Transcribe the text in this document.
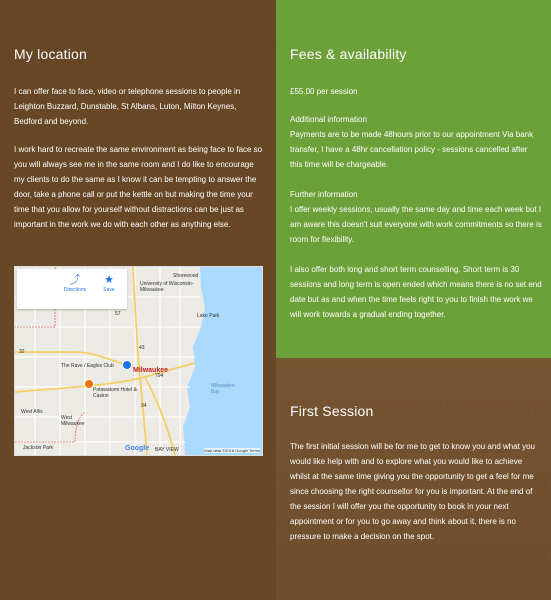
My location

I can offer face to face, video or telephone sessions to people in Leighton Buzzard, Dunstable, St Albans, Luton, Milton Keynes, Bedford and beyond.

I work hard to recreate the same environment as being face to face so you will always see me in the same room and I do like to encourage my clients to do the same as I know it can be tempting to answer the door, take a phone call or put the kettle on but making the time your time that you allow for yourself without distractions can be just as important in the work we do with each other as anything else.

⤴
Directions
★
Save
Shorewood
University of Wisconsin-Milwaukee
Lake Park
The Rave / Eagles Club
Potawatomi Hotel & Casino
West Milwaukee
West Allis
Milwaukee Bay
BAY VIEW
Jackson Park
32
57
43
794
94
Milwaukee
Google	Map data ©2018 Google Terms
Fees & availability

£55.00 per session

Additional information

Payments are to be made 48hours prior to our appointment Via bank transfer, I have a 48hr cancellation policy - sessions cancelled after this time will be chargeable.

Further information

I offer weekly sessions, usually the same day and time each week but I am aware this doesn't suit everyone with work commitments so there is room for flexibility.

I also offer both long and short term counselling. Short term is 30 sessions and long term is open ended which means there is no set end date but as and when the time feels right to you to finish the work we will work towards a gradual ending together.

First Session

The first initial session will be for me to get to know you and what you would like help with and to explore what you would like to achieve whilst at the same time giving you the opportunity to get a feel for me since choosing the right counsellor for you is important. At the end of the session I will offer you the opportunity to book in your next appointment or for you to go away and think about it, there is no pressure to make a decision on the spot.
